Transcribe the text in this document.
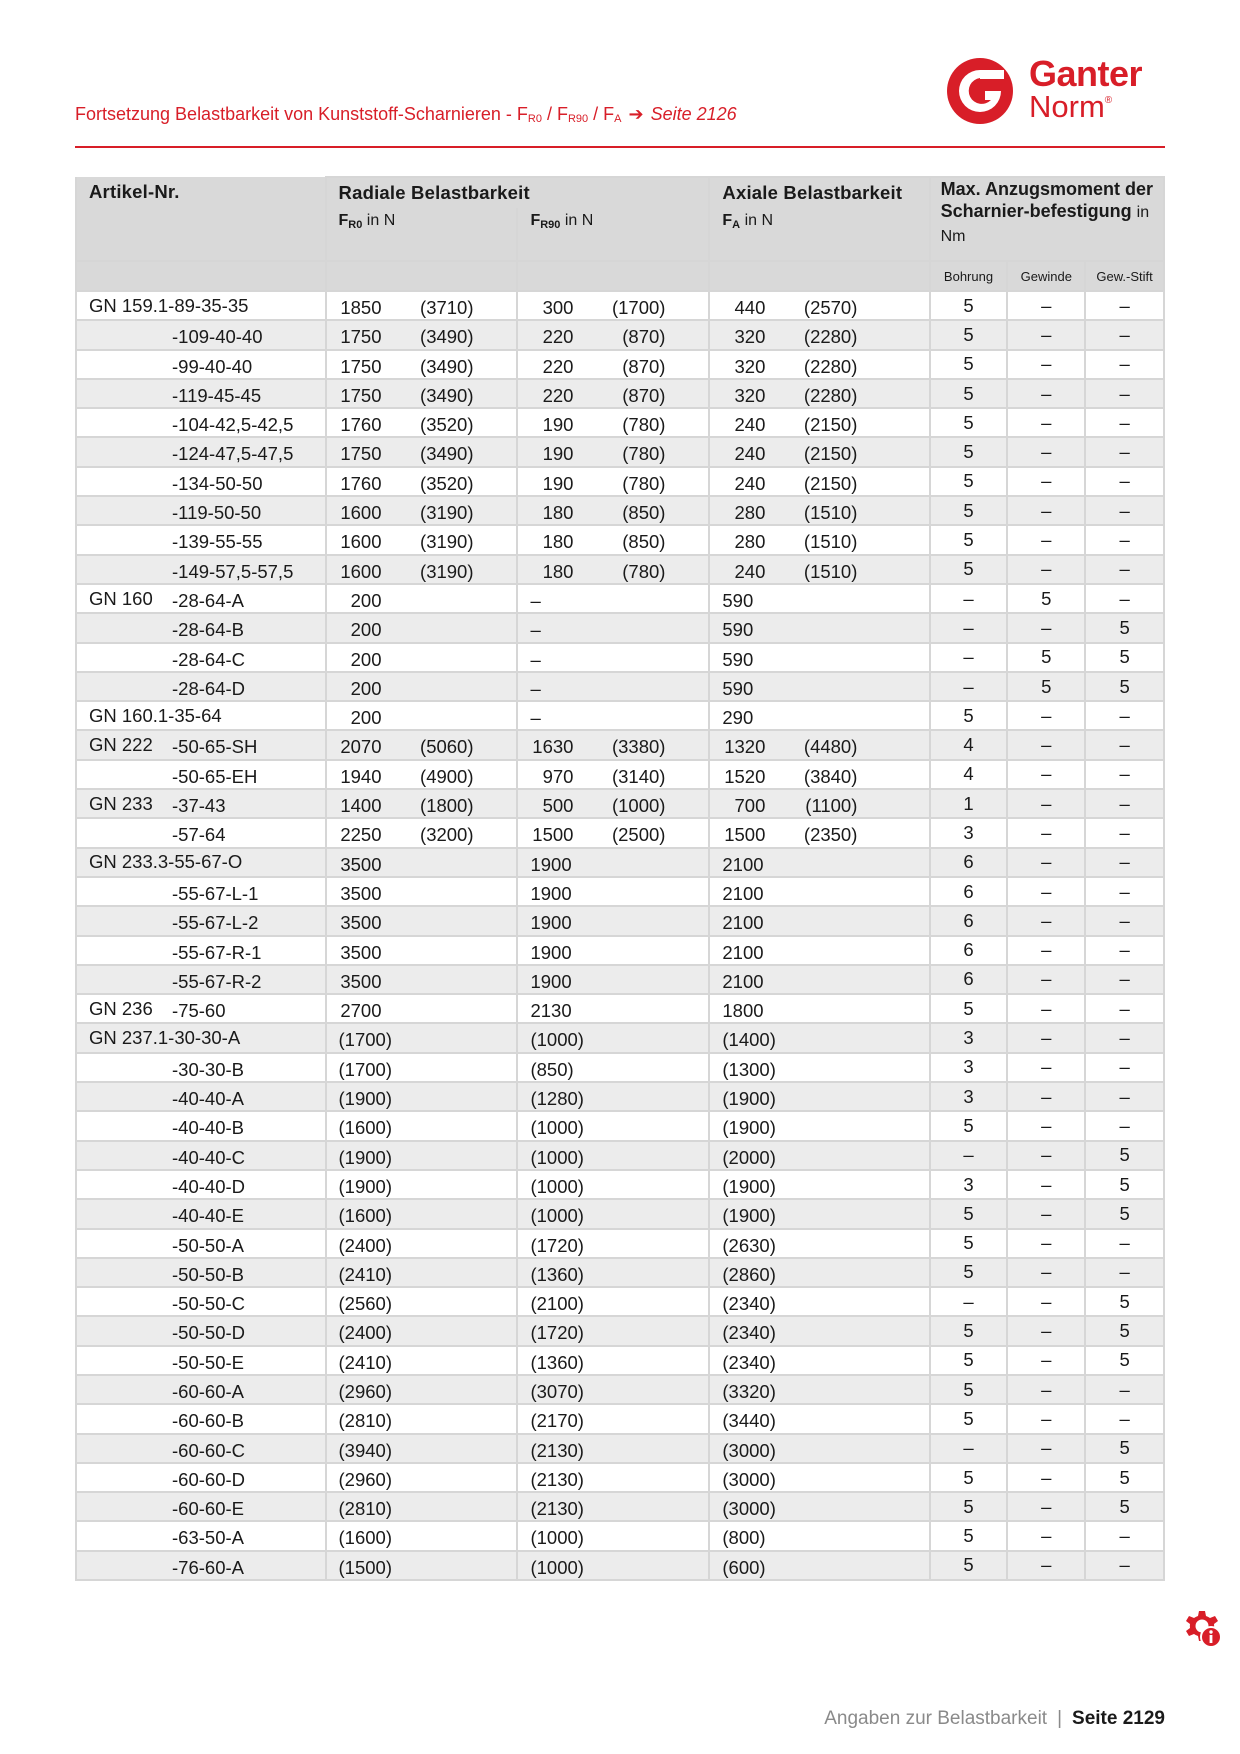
Fortsetzung Belastbarkeit von Kunststoff-Scharnieren - $F_{R0} / F_{R90} / F_A$ ➔ Seite 2126
Ganter
Norm®
Artikel-Nr.	Radiale Belastbarkeit		Axiale Belastbarkeit			

	$F_{R0}$ in N	$F_{R90}$ in N	$F_A$ in N	Max. Anzugsmoment der Scharnier-befestigung in Nm		

				Bohrung	Gewinde	Gew.-Stift
GN 159.1-89-35-35	1850 (3710)	300 (1700)	440 (2570)	5	–	–

-109-40-40	1750 (3490)	220 (870)	320 (2280)	5	–	–

-99-40-40	1750 (3490)	220 (870)	320 (2280)	5	–	–

-119-45-45	1750 (3490)	220 (870)	320 (2280)	5	–	–

-104-42,5-42,5	1760 (3520)	190 (780)	240 (2150)	5	–	–

-124-47,5-47,5	1750 (3490)	190 (780)	240 (2150)	5	–	–

-134-50-50	1760 (3520)	190 (780)	240 (2150)	5	–	–

-119-50-50	1600 (3190)	180 (850)	280 (1510)	5	–	–

-139-55-55	1600 (3190)	180 (850)	280 (1510)	5	–	–

-149-57,5-57,5	1600 (3190)	180 (780)	240 (1510)	5	–	–
GN 160 -28-64-A	200	–	590	–	5	–

-28-64-B	200	–	590	–	–	5

-28-64-C	200	–	590	–	5	5

-28-64-D	200	–	590	–	5	5
GN 160.1-35-64	200	–	290	5	–	–
GN 222 -50-65-SH	2070 (5060)	1630 (3380)	1320 (4480)	4	–	–

-50-65-EH	1940 (4900)	970 (3140)	1520 (3840)	4	–	–
GN 233 -37-43	1400 (1800)	500 (1000)	700 (1100)	1	–	–

-57-64	2250 (3200)	1500 (2500)	1500 (2350)	3	–	–
GN 233.3-55-67-O	3500	1900	2100	6	–	–

-55-67-L-1	3500	1900	2100	6	–	–

-55-67-L-2	3500	1900	2100	6	–	–

-55-67-R-1	3500	1900	2100	6	–	–

-55-67-R-2	3500	1900	2100	6	–	–
GN 236 -75-60	2700	2130	1800	5	–	–
GN 237.1-30-30-A	(1700)	(1000)	(1400)	3	–	–

-30-30-B	(1700)	(850)	(1300)	3	–	–

-40-40-A	(1900)	(1280)	(1900)	3	–	–

-40-40-B	(1600)	(1000)	(1900)	5	–	–

-40-40-C	(1900)	(1000)	(2000)	–	–	5

-40-40-D	(1900)	(1000)	(1900)	3	–	5

-40-40-E	(1600)	(1000)	(1900)	5	–	5

-50-50-A	(2400)	(1720)	(2630)	5	–	–

-50-50-B	(2410)	(1360)	(2860)	5	–	–

-50-50-C	(2560)	(2100)	(2340)	–	–	5

-50-50-D	(2400)	(1720)	(2340)	5	–	5

-50-50-E	(2410)	(1360)	(2340)	5	–	5

-60-60-A	(2960)	(3070)	(3320)	5	–	–

-60-60-B	(2810)	(2170)	(3440)	5	–	–

-60-60-C	(3940)	(2130)	(3000)	–	–	5

-60-60-D	(2960)	(2130)	(3000)	5	–	5

-60-60-E	(2810)	(2130)	(3000)	5	–	5

-63-50-A	(1600)	(1000)	(800)	5	–	–

-76-60-A	(1500)	(1000)	(600)	5	–	–
Angaben zur Belastbarkeit | Seite 2129
